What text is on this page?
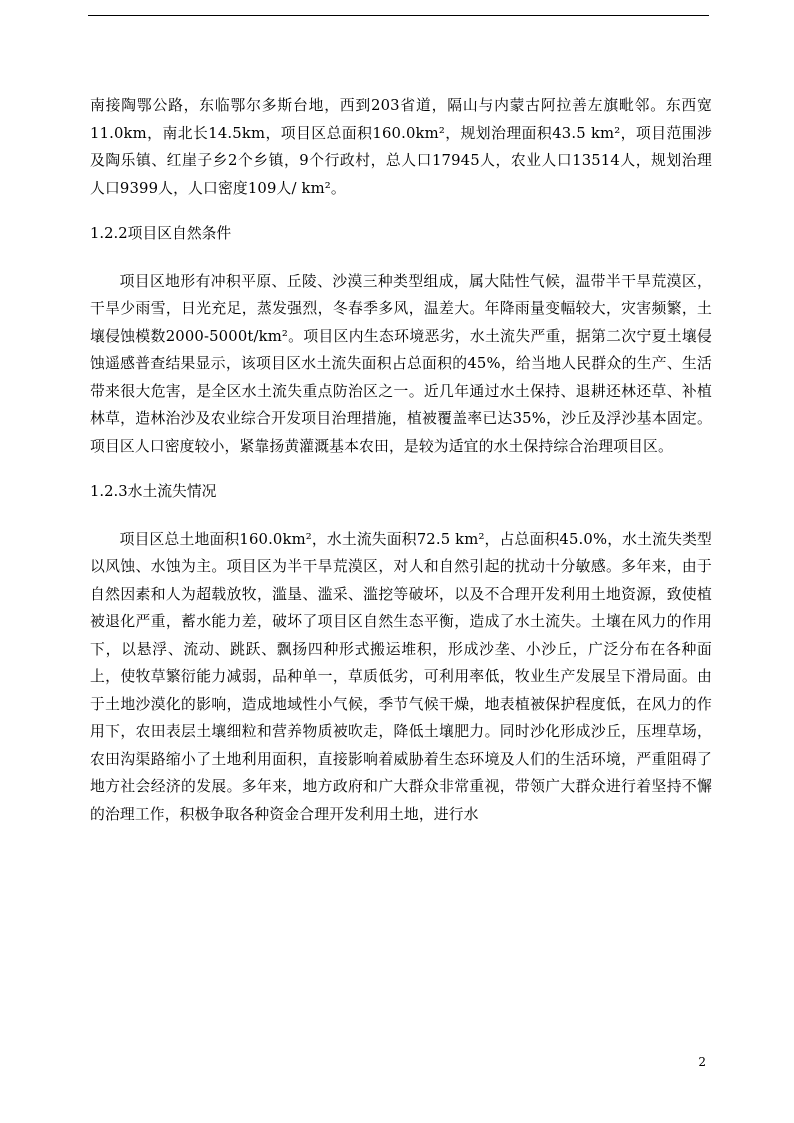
南接陶鄂公路，东临鄂尔多斯台地，西到203省道，隔山与内蒙古阿拉善左旗毗邻。东西宽11.0km，南北长14.5km，项目区总面积160.0km²，规划治理面积43.5 km²，项目范围涉及陶乐镇、红崖子乡2个乡镇，9个行政村，总人口17945人，农业人口13514人，规划治理人口9399人，人口密度109人/ km²。

1.2.2项目区自然条件

项目区地形有冲积平原、丘陵、沙漠三种类型组成，属大陆性气候，温带半干旱荒漠区，干旱少雨雪，日光充足，蒸发强烈，冬春季多风，温差大。年降雨量变幅较大，灾害频繁，土壤侵蚀模数2000-5000t/km²。项目区内生态环境恶劣，水土流失严重，据第二次宁夏土壤侵蚀遥感普查结果显示，该项目区水土流失面积占总面积的45%，给当地人民群众的生产、生活带来很大危害，是全区水土流失重点防治区之一。近几年通过水土保持、退耕还林还草、补植林草，造林治沙及农业综合开发项目治理措施，植被覆盖率已达35%，沙丘及浮沙基本固定。项目区人口密度较小，紧靠扬黄灌溉基本农田，是较为适宜的水土保持综合治理项目区。

1.2.3水土流失情况

项目区总土地面积160.0km²，水土流失面积72.5 km²，占总面积45.0%，水土流失类型以风蚀、水蚀为主。项目区为半干旱荒漠区，对人和自然引起的扰动十分敏感。多年来，由于自然因素和人为超载放牧，滥垦、滥采、滥挖等破坏，以及不合理开发利用土地资源，致使植被退化严重，蓄水能力差，破坏了项目区自然生态平衡，造成了水土流失。土壤在风力的作用下，以悬浮、流动、跳跃、飘扬四种形式搬运堆积，形成沙垄、小沙丘，广泛分布在各种面上，使牧草繁衍能力减弱，品种单一，草质低劣，可利用率低，牧业生产发展呈下滑局面。由于土地沙漠化的影响，造成地域性小气候，季节气候干燥，地表植被保护程度低，在风力的作用下，农田表层土壤细粒和营养物质被吹走，降低土壤肥力。同时沙化形成沙丘，压埋草场，农田沟渠路缩小了土地利用面积，直接影响着威胁着生态环境及人们的生活环境，严重阻碍了地方社会经济的发展。多年来，地方政府和广大群众非常重视，带领广大群众进行着坚持不懈的治理工作，积极争取各种资金合理开发利用土地，进行水

2
